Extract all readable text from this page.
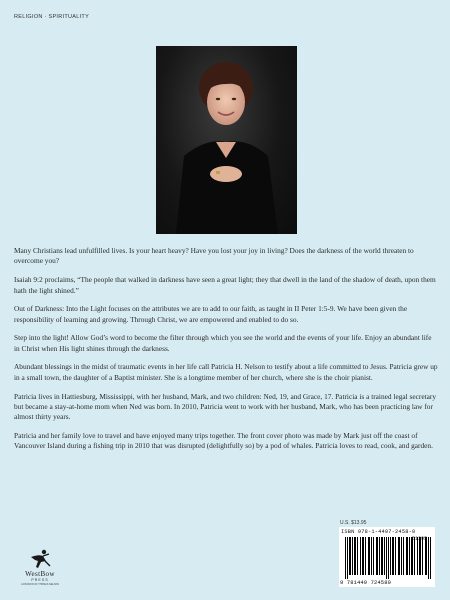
RELIGION · SPIRITUALITY

Many Christians lead unfulfilled lives. Is your heart heavy? Have you lost your joy in living? Does the darkness of the world threaten to overcome you?

Isaiah 9:2 proclaims, “The people that walked in darkness have seen a great light; they that dwell in the land of the shadow of death, upon them hath the light shined.”

Out of Darkness: Into the Light focuses on the attributes we are to add to our faith, as taught in II Peter 1:5-9. We have been given the responsibility of learning and growing. Through Christ, we are empowered and enabled to do so.

Step into the light! Allow God’s word to become the filter through which you see the world and the events of your life. Enjoy an abundant life in Christ when His light shines through the darkness.

Abundant blessings in the midst of traumatic events in her life call Patricia H. Nelson to testify about a life committed to Jesus. Patricia grew up in a small town, the daughter of a Baptist minister. She is a longtime member of her church, where she is the choir pianist.

Patricia lives in Hattiesburg, Mississippi, with her husband, Mark, and two children: Ned, 19, and Grace, 17. Patricia is a trained legal secretary but became a stay-at-home mom when Ned was born. In 2010, Patricia went to work with her husband, Mark, who has been practicing law for almost thirty years.

Patricia and her family love to travel and have enjoyed many trips together. The front cover photo was made by Mark just off the coast of Vancouver Island during a fishing trip in 2010 that was disrupted (delightfully so) by a pod of whales. Patricia loves to read, cook, and garden.

U.S. $13.95
ISBN 978-1-4497-2458-0
9 781449 724580
51395
WestBow
PRESS
A DIVISION OF THOMAS NELSON
